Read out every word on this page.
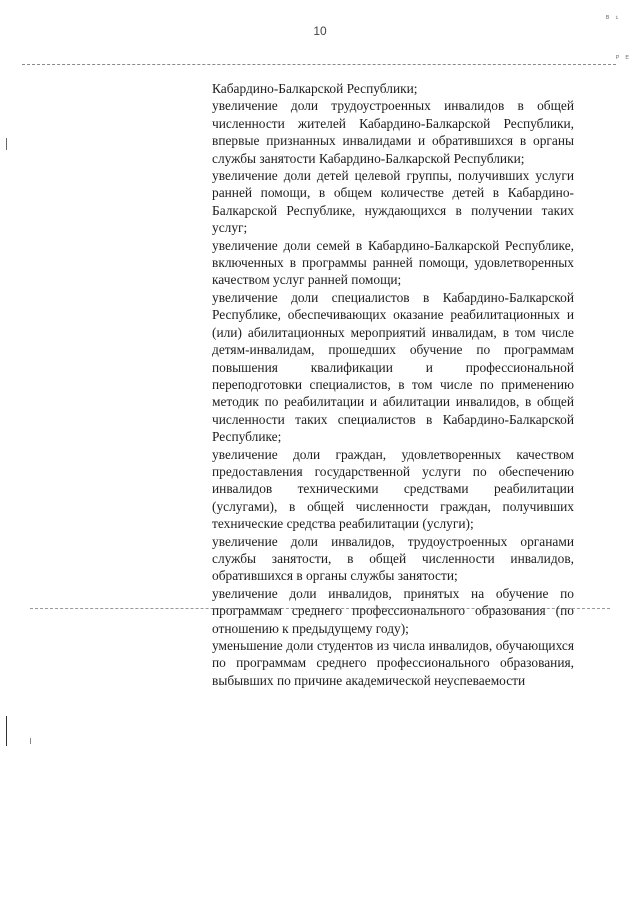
10
ᴮ ¹
ᴾ ᴱ

Кабардино-Балкарской Республики;

увеличение доли трудоустроенных инвалидов в общей численности жителей Кабардино-Балкарской Республики, впервые признанных инвалидами и обратившихся в органы службы занятости Кабардино-Балкарской Республики;

увеличение доли детей целевой группы, получивших услуги ранней помощи, в общем количестве детей в Кабардино-Балкарской Республике, нуждающихся в получении таких услуг;

увеличение доли семей в Кабардино-Балкарской Республике, включенных в программы ранней помощи, удовлетворенных качеством услуг ранней помощи;

увеличение доли специалистов в Кабардино-Балкарской Республике, обеспечивающих оказание реабилитационных и (или) абилитационных мероприятий инвалидам, в том числе детям-инвалидам, прошедших обучение по программам повышения квалификации и профессиональной переподготовки специалистов, в том числе по применению методик по реабилитации и абилитации инвалидов, в общей численности таких специалистов в Кабардино-Балкарской Республике;

увеличение доли граждан, удовлетворенных качеством предоставления государственной услуги по обеспечению инвалидов техническими средствами реабилитации (услугами), в общей численности граждан, получивших технические средства реабилитации (услуги);

увеличение доли инвалидов, трудоустроенных органами службы занятости, в общей численности инвалидов, обратившихся в органы службы занятости;

увеличение доли инвалидов, принятых на обучение по программам среднего профессионального образования (по отношению к предыдущему году);

уменьшение доли студентов из числа инвалидов, обучающихся по программам среднего профессионального образования, выбывших по причине академической неуспеваемости
